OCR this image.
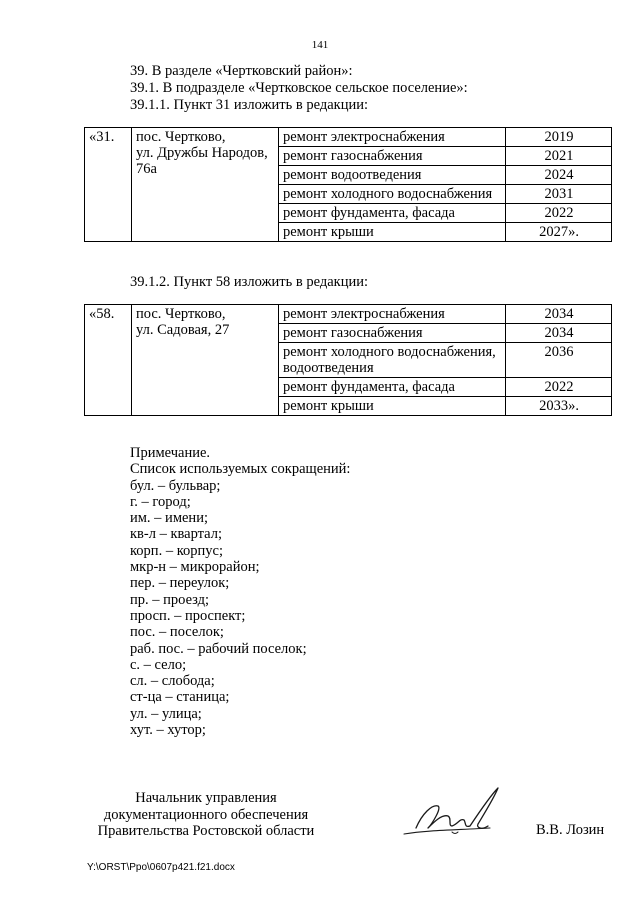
141
39. В разделе «Чертковский район»:
39.1. В подразделе «Чертковское сельское поселение»:
39.1.1. Пункт 31 изложить в редакции:
«31.	пос. Чертково,
ул. Дружбы Народов,
76а	ремонт электроснабжения	2019
		ремонт газоснабжения	2021
		ремонт водоотведения	2024
		ремонт холодного водоснабжения	2031
		ремонт фундамента, фасада	2022
		ремонт крыши	2027».
39.1.2. Пункт 58 изложить в редакции:
«58.	пос. Чертково,
ул. Садовая, 27	ремонт электроснабжения	2034
		ремонт газоснабжения	2034
		ремонт холодного водоснабжения, водоотведения	2036
		ремонт фундамента, фасада	2022
		ремонт крыши	2033».
Примечание.
Список используемых сокращений:
бул. – бульвар;
г. – город;
им. – имени;
кв-л – квартал;
корп. – корпус;
мкр-н – микрорайон;
пер. – переулок;
пр. – проезд;
просп. – проспект;
пос. – поселок;
раб. пос. – рабочий поселок;
с. – село;
сл. – слобода;
ст-ца – станица;
ул. – улица;
хут. – хутор;
Начальник управления
документационного обеспечения
Правительства Ростовской области	В.В. Лозин
Y:\ORST\Ppo\0607p421.f21.docx
